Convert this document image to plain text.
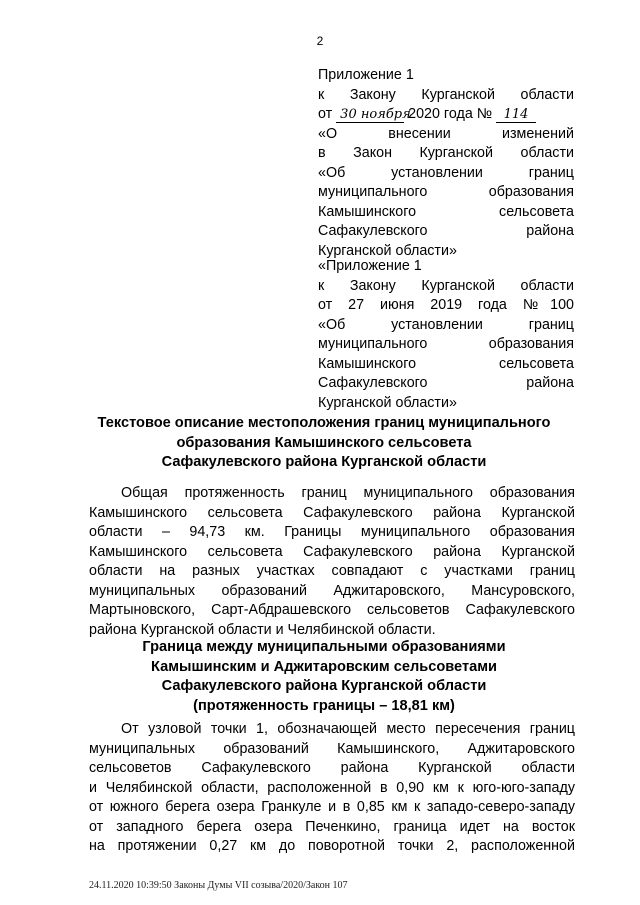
2
Приложение 1
к Закону Курганской области
от 30 ноября 2020 года № 114
«О внесении изменений
в Закон Курганской области
«Об установлении границ
муниципального образования
Камышинского сельсовета
Сафакулевского района
Курганской области»
«Приложение 1
к Закону Курганской области
от 27 июня 2019 года №100
«Об установлении границ
муниципального образования
Камышинского сельсовета
Сафакулевского района
Курганской области»
Текстовое описание местоположения границ муниципального
образования Камышинского сельсовета
Сафакулевского района Курганской области
Общая протяженность границ муниципального образования
Камышинского сельсовета Сафакулевского района Курганской
области – 94,73 км. Границы муниципального образования
Камышинского сельсовета Сафакулевского района Курганской
области на разных участках совпадают с участками границ
муниципальных образований Аджитаровского, Мансуровского,
Мартыновского, Сарт-Абдрашевского сельсоветов Сафакулевского
района Курганской области и Челябинской области.
Граница между муниципальными образованиями
Камышинским и Аджитаровским сельсоветами
Сафакулевского района Курганской области
(протяженность границы – 18,81 км)
От узловой точки 1, обозначающей место пересечения границ
муниципальных образований Камышинского, Аджитаровского
сельсоветов Сафакулевского района Курганской области
и Челябинской области, расположенной в 0,90 км к юго-юго-западу
от южного берега озера Гранкуле и в 0,85 км к западо-северо-западу
от западного берега озера Печенкино, граница идет на восток
на протяжении 0,27 км до поворотной точки 2, расположенной
24.11.2020 10:39:50 Законы Думы VII созыва/2020/Закон 107
